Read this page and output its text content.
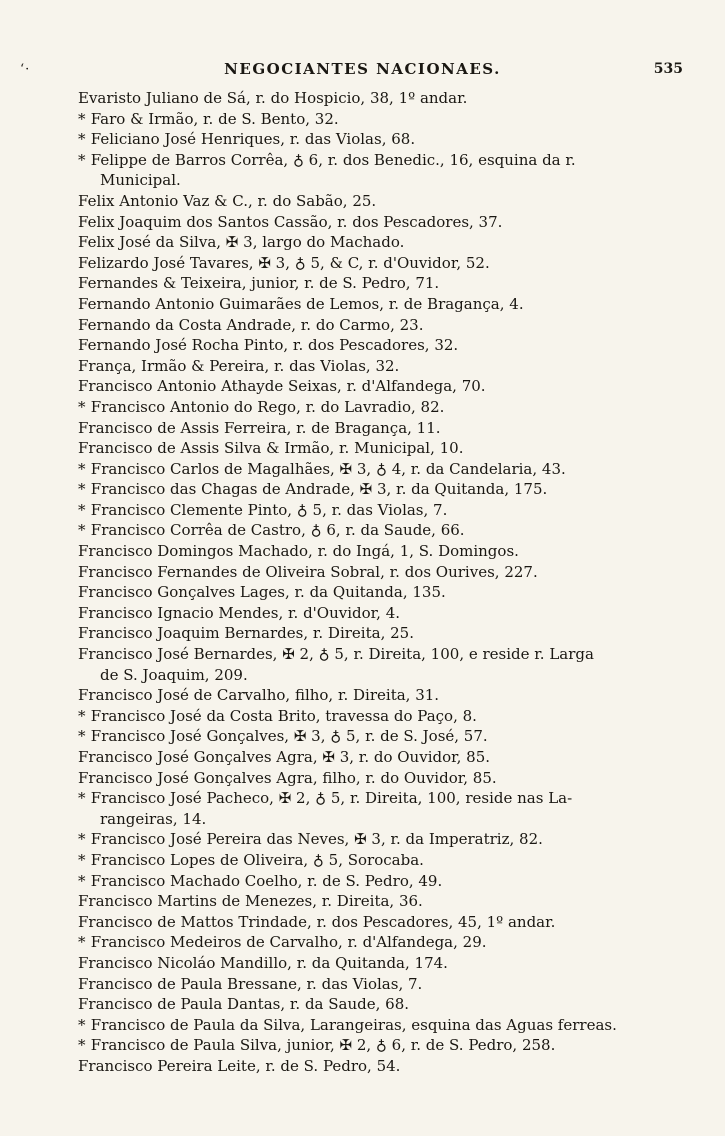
‘·	NEGOCIANTES NACIONAES.	535
Evaristo Juliano de Sá, r. do Hospicio, 38, 1º andar.
* Faro & Irmão, r. de S. Bento, 32.
* Feliciano José Henriques, r. das Violas, 68.
* Felippe de Barros Corrêa, ♁ 6, r. dos Benedic., 16, esquina da r.
Municipal.
Felix Antonio Vaz & C., r. do Sabão, 25.
Felix Joaquim dos Santos Cassão, r. dos Pescadores, 37.
Felix José da Silva, ✠ 3, largo do Machado.
Felizardo José Tavares, ✠ 3, ♁ 5, & C, r. d'Ouvidor, 52.
Fernandes & Teixeira, junior, r. de S. Pedro, 71.
Fernando Antonio Guimarães de Lemos, r. de Bragança, 4.
Fernando da Costa Andrade, r. do Carmo, 23.
Fernando José Rocha Pinto, r. dos Pescadores, 32.
França, Irmão & Pereira, r. das Violas, 32.
Francisco Antonio Athayde Seixas, r. d'Alfandega, 70.
* Francisco Antonio do Rego, r. do Lavradio, 82.
Francisco de Assis Ferreira, r. de Bragança, 11.
Francisco de Assis Silva & Irmão, r. Municipal, 10.
* Francisco Carlos de Magalhães, ✠ 3, ♁ 4, r. da Candelaria, 43.
* Francisco das Chagas de Andrade, ✠ 3, r. da Quitanda, 175.
* Francisco Clemente Pinto, ♁ 5, r. das Violas, 7.
* Francisco Corrêa de Castro, ♁ 6, r. da Saude, 66.
Francisco Domingos Machado, r. do Ingá, 1, S. Domingos.
Francisco Fernandes de Oliveira Sobral, r. dos Ourives, 227.
Francisco Gonçalves Lages, r. da Quitanda, 135.
Francisco Ignacio Mendes, r. d'Ouvidor, 4.
Francisco Joaquim Bernardes, r. Direita, 25.
Francisco José Bernardes, ✠ 2, ♁ 5, r. Direita, 100, e reside r. Larga
de S. Joaquim, 209.
Francisco José de Carvalho, filho, r. Direita, 31.
* Francisco José da Costa Brito, travessa do Paço, 8.
* Francisco José Gonçalves, ✠ 3, ♁ 5, r. de S. José, 57.
Francisco José Gonçalves Agra, ✠ 3, r. do Ouvidor, 85.
Francisco José Gonçalves Agra, filho, r. do Ouvidor, 85.
* Francisco José Pacheco, ✠ 2, ♁ 5, r. Direita, 100, reside nas La-
rangeiras, 14.
* Francisco José Pereira das Neves, ✠ 3, r. da Imperatriz, 82.
* Francisco Lopes de Oliveira, ♁ 5, Sorocaba.
* Francisco Machado Coelho, r. de S. Pedro, 49.
Francisco Martins de Menezes, r. Direita, 36.
Francisco de Mattos Trindade, r. dos Pescadores, 45, 1º andar.
* Francisco Medeiros de Carvalho, r. d'Alfandega, 29.
Francisco Nicoláo Mandillo, r. da Quitanda, 174.
Francisco de Paula Bressane, r. das Violas, 7.
Francisco de Paula Dantas, r. da Saude, 68.
* Francisco de Paula da Silva, Larangeiras, esquina das Aguas ferreas.
* Francisco de Paula Silva, junior, ✠ 2, ♁ 6, r. de S. Pedro, 258.
Francisco Pereira Leite, r. de S. Pedro, 54.
